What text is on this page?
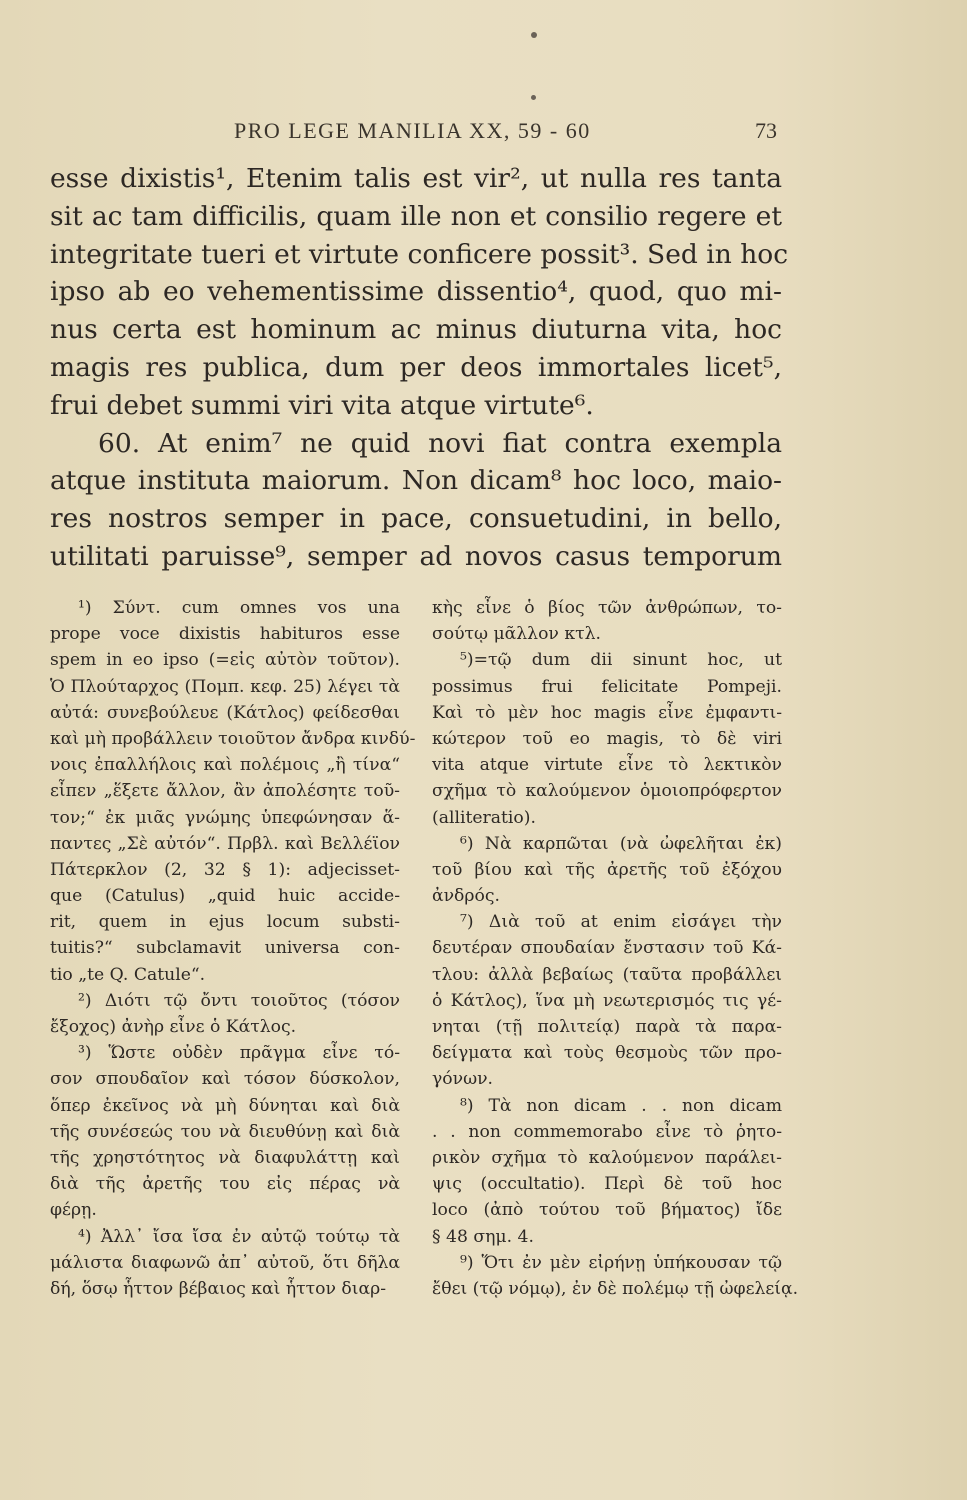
PRO LEGE MANILIA XX, 59 - 60	73
esse dixistis¹, Etenim talis est vir², ut nulla res tanta
sit ac tam difficilis, quam ille non et consilio regere et
integritate tueri et virtute conficere possit³. Sed in hoc
ipso ab eo vehementissime dissentio⁴, quod, quo mi-
nus certa est hominum ac minus diuturna vita, hoc
magis res publica, dum per deos immortales licet⁵,
frui debet summi viri vita atque virtute⁶.
60. At enim⁷ ne quid novi fiat contra exempla
atque instituta maiorum. Non dicam⁸ hoc loco, maio-
res nostros semper in pace, consuetudini, in bello,
utilitati paruisse⁹, semper ad novos casus temporum
¹) Σύντ. cum omnes vos una
prope voce dixistis habituros esse
spem in eo ipso (=εἰς αὐτὸν τοῦτον).
Ὁ Πλούταρχος (Πομπ. κεφ. 25) λέγει τὰ
αὐτά: συνεβούλευε (Κάτλος) φείδεσθαι
καὶ μὴ προβάλλειν τοιοῦτον ἄνδρα κινδύ-
νοις ἐπαλλήλοις καὶ πολέμοις „ἢ τίνα“
εἶπεν „ἕξετε ἄλλον, ἂν ἀπολέσητε τοῦ-
τον;“ ἐκ μιᾶς γνώμης ὑπεφώνησαν ἅ-
παντες „Σὲ αὐτόν“. Πρβλ. καὶ Βελλέϊον
Πάτερκλον (2, 32 § 1): adjecisset-
que (Catulus) „quid huic accide-
rit, quem in ejus locum substi-
tuitis?“ subclamavit universa con-
tio „te Q. Catule“.
²) Διότι τῷ ὄντι τοιοῦτος (τόσον
ἔξοχος) ἀνὴρ εἶνε ὁ Κάτλος.
³) Ὥστε οὐδὲν πρᾶγμα εἶνε τό-
σον σπουδαῖον καὶ τόσον δύσκολον,
ὅπερ ἐκεῖνος νὰ μὴ δύνηται καὶ διὰ
τῆς συνέσεώς του νὰ διευθύνῃ καὶ διὰ
τῆς χρηστότητος νὰ διαφυλάττῃ καὶ
διὰ τῆς ἀρετῆς του εἰς πέρας νὰ
φέρῃ.
⁴) Ἀλλ᾽ ἴσα ἴσα ἐν αὐτῷ τούτῳ τὰ
μάλιστα διαφωνῶ ἀπ᾽ αὐτοῦ, ὅτι δῆλα
δή, ὅσῳ ἧττον βέβαιος καὶ ἧττον διαρ-
κὴς εἶνε ὁ βίος τῶν ἀνθρώπων, το-
σούτῳ μᾶλλον κτλ.
⁵)=τῷ dum dii sinunt hoc, ut
possimus frui felicitate Pompeji.
Καὶ τὸ μὲν hoc magis εἶνε ἐμφαντι-
κώτερον τοῦ eo magis, τὸ δὲ viri
vita atque virtute εἶνε τὸ λεκτικὸν
σχῆμα τὸ καλούμενον ὁμοιοπρόφερτον
(alliteratio).
⁶) Νὰ καρπῶται (νὰ ὠφελῆται ἐκ)
τοῦ βίου καὶ τῆς ἀρετῆς τοῦ ἐξόχου
ἀνδρός.
⁷) Διὰ τοῦ at enim εἰσάγει τὴν
δευτέραν σπουδαίαν ἔνστασιν τοῦ Κά-
τλου: ἀλλὰ βεβαίως (ταῦτα προβάλλει
ὁ Κάτλος), ἵνα μὴ νεωτερισμός τις γέ-
νηται (τῇ πολιτείᾳ) παρὰ τὰ παρα-
δείγματα καὶ τοὺς θεσμοὺς τῶν προ-
γόνων.
⁸) Τὰ non dicam . . non dicam
. . non commemorabo εἶνε τὸ ῥητο-
ρικὸν σχῆμα τὸ καλούμενον παράλει-
ψις (occultatio). Περὶ δὲ τοῦ hoc
loco (ἀπὸ τούτου τοῦ βήματος) ἴδε
§ 48 σημ. 4.
⁹) Ὅτι ἐν μὲν εἰρήνῃ ὑπήκουσαν τῷ
ἔθει (τῷ νόμῳ), ἐν δὲ πολέμῳ τῇ ὠφελείᾳ.
